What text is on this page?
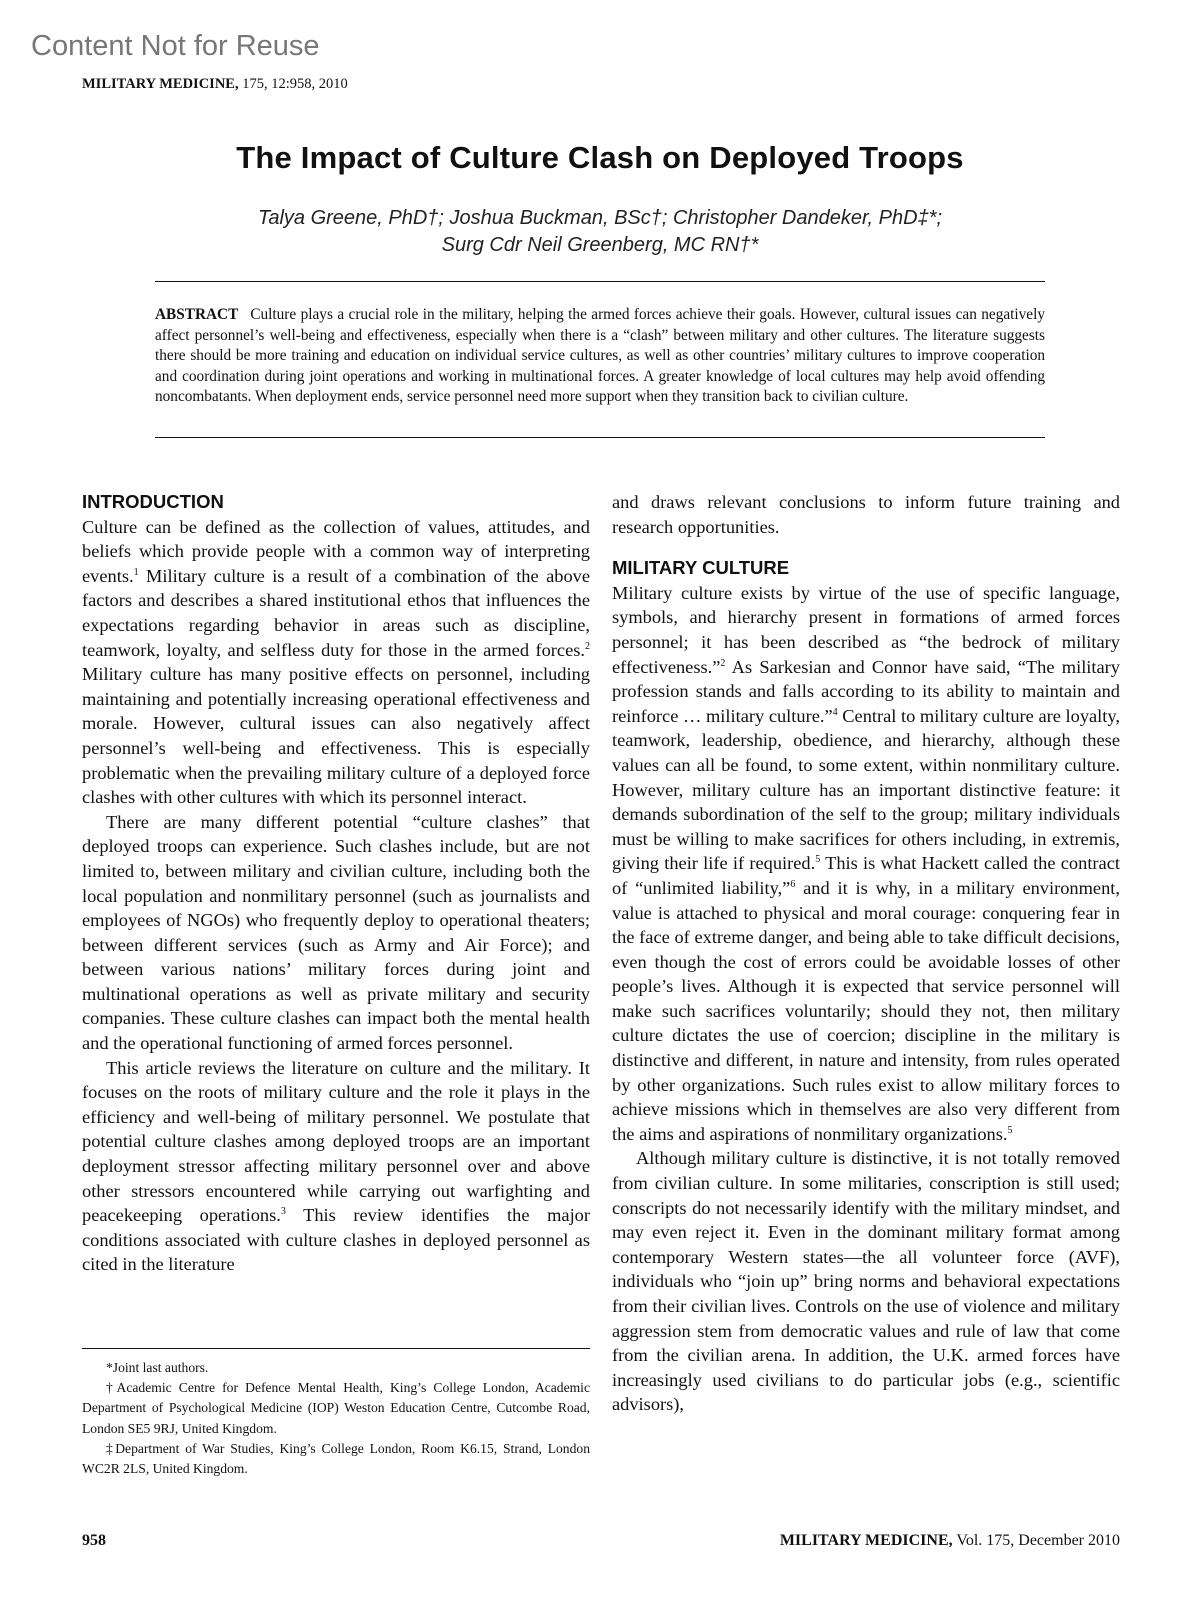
Content Not for Reuse
MILITARY MEDICINE, 175, 12:958, 2010
The Impact of Culture Clash on Deployed Troops
Talya Greene, PhD†; Joshua Buckman, BSc†; Christopher Dandeker, PhD‡*;
Surg Cdr Neil Greenberg, MC RN†*
ABSTRACT Culture plays a crucial role in the military, helping the armed forces achieve their goals. However, cultural issues can negatively affect personnel’s well-being and effectiveness, especially when there is a “clash” between military and other cultures. The literature suggests there should be more training and education on individual service cultures, as well as other countries’ military cultures to improve cooperation and coordination during joint operations and working in multinational forces. A greater knowledge of local cultures may help avoid offending noncombatants. When deployment ends, service personnel need more support when they transition back to civilian culture.
INTRODUCTION

Culture can be defined as the collection of values, attitudes, and beliefs which provide people with a common way of interpreting events.$^1$ Military culture is a result of a combination of the above factors and describes a shared institutional ethos that influences the expectations regarding behavior in areas such as discipline, teamwork, loyalty, and selfless duty for those in the armed forces.$^2$ Military culture has many positive effects on personnel, including maintaining and potentially increasing operational effectiveness and morale. However, cultural issues can also negatively affect personnel’s well-being and effectiveness. This is especially problematic when the prevailing military culture of a deployed force clashes with other cultures with which its personnel interact.

There are many different potential “culture clashes” that deployed troops can experience. Such clashes include, but are not limited to, between military and civilian culture, including both the local population and nonmilitary personnel (such as journalists and employees of NGOs) who frequently deploy to operational theaters; between different services (such as Army and Air Force); and between various nations’ military forces during joint and multinational operations as well as private military and security companies. These culture clashes can impact both the mental health and the operational functioning of armed forces personnel.

This article reviews the literature on culture and the military. It focuses on the roots of military culture and the role it plays in the efficiency and well-being of military personnel. We postulate that potential culture clashes among deployed troops are an important deployment stressor affecting military personnel over and above other stressors encountered while carrying out warfighting and peacekeeping operations.$^3$ This review identifies the major conditions associated with culture clashes in deployed personnel as cited in the literature

*Joint last authors.

†Academic Centre for Defence Mental Health, King’s College London, Academic Department of Psychological Medicine (IOP) Weston Education Centre, Cutcombe Road, London SE5 9RJ, United Kingdom.

‡Department of War Studies, King’s College London, Room K6.15, Strand, London WC2R 2LS, United Kingdom.

and draws relevant conclusions to inform future training and research opportunities.

MILITARY CULTURE

Military culture exists by virtue of the use of specific language, symbols, and hierarchy present in formations of armed forces personnel; it has been described as “the bedrock of military effectiveness.”$^2$ As Sarkesian and Connor have said, “The military profession stands and falls according to its ability to maintain and reinforce … military culture.”$^4$ Central to military culture are loyalty, teamwork, leadership, obedience, and hierarchy, although these values can all be found, to some extent, within nonmilitary culture. However, military culture has an important distinctive feature: it demands subordination of the self to the group; military individuals must be willing to make sacrifices for others including, in extremis, giving their life if required.$^5$ This is what Hackett called the contract of “unlimited liability,”$^6$ and it is why, in a military environment, value is attached to physical and moral courage: conquering fear in the face of extreme danger, and being able to take difficult decisions, even though the cost of errors could be avoidable losses of other people’s lives. Although it is expected that service personnel will make such sacrifices voluntarily; should they not, then military culture dictates the use of coercion; discipline in the military is distinctive and different, in nature and intensity, from rules operated by other organizations. Such rules exist to allow military forces to achieve missions which in themselves are also very different from the aims and aspirations of nonmilitary organizations.$^5$

Although military culture is distinctive, it is not totally removed from civilian culture. In some militaries, conscription is still used; conscripts do not necessarily identify with the military mindset, and may even reject it. Even in the dominant military format among contemporary Western states—the all volunteer force (AVF), individuals who “join up” bring norms and behavioral expectations from their civilian lives. Controls on the use of violence and military aggression stem from democratic values and rule of law that come from the civilian arena. In addition, the U.K. armed forces have increasingly used civilians to do particular jobs (e.g., scientific advisors),

958	MILITARY MEDICINE, Vol. 175, December 2010
